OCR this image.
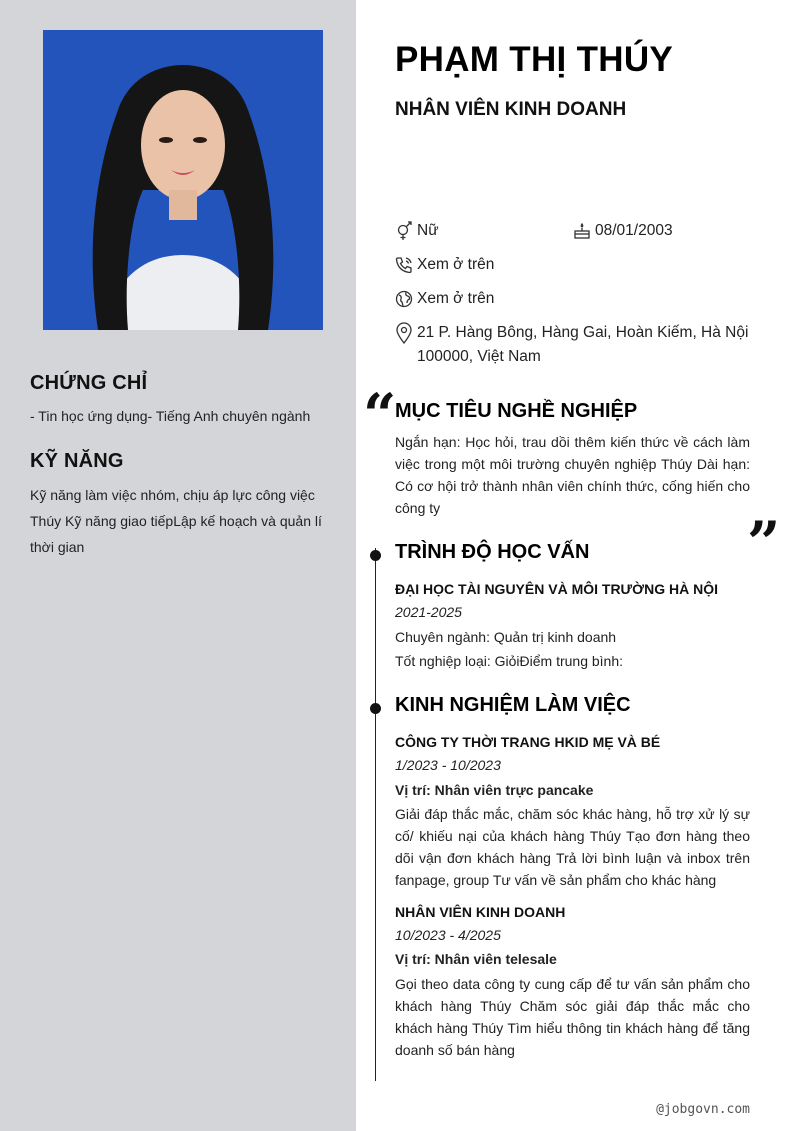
CHỨNG CHỈ

- Tin học ứng dụng- Tiếng Anh chuyên ngành

KỸ NĂNG

Kỹ năng làm việc nhóm, chịu áp lực công việc Thúy Kỹ năng giao tiếpLập kế hoạch và quản lí thời gian

PHẠM THỊ THÚY
NHÂN VIÊN KINH DOANH
Nữ	08/01/2003
Xem ở trên
Xem ở trên
21 P. Hàng Bông, Hàng Gai, Hoàn Kiếm, Hà Nội 100000, Việt Nam
“
”
MỤC TIÊU NGHỀ NGHIỆP

Ngắn hạn: Học hỏi, trau dồi thêm kiến thức về cách làm việc trong một môi trường chuyên nghiệp Thúy Dài hạn: Có cơ hội trở thành nhân viên chính thức, cống hiến cho công ty

TRÌNH ĐỘ HỌC VẤN
ĐẠI HỌC TÀI NGUYÊN VÀ MÔI TRƯỜNG HÀ NỘI
2021-2025
Chuyên ngành: Quản trị kinh doanh
Tốt nghiệp loại: GiỏiĐiểm trung bình:
KINH NGHIỆM LÀM VIỆC
CÔNG TY THỜI TRANG HKID MẸ VÀ BÉ
1/2023 - 10/2023
Vị trí: Nhân viên trực pancake

Giải đáp thắc mắc, chăm sóc khác hàng, hỗ trợ xử lý sự cố/ khiếu nại của khách hàng Thúy Tạo đơn hàng theo dõi vận đơn khách hàng Trả lời bình luận và inbox trên fanpage, group Tư vấn về sản phẩm cho khác hàng

NHÂN VIÊN KINH DOANH
10/2023 - 4/2025
Vị trí: Nhân viên telesale

Gọi theo data công ty cung cấp để tư vấn sản phẩm cho khách hàng Thúy Chăm sóc giải đáp thắc mắc cho khách hàng Thúy Tìm hiểu thông tin khách hàng để tăng doanh số bán hàng

@jobgovn.com
